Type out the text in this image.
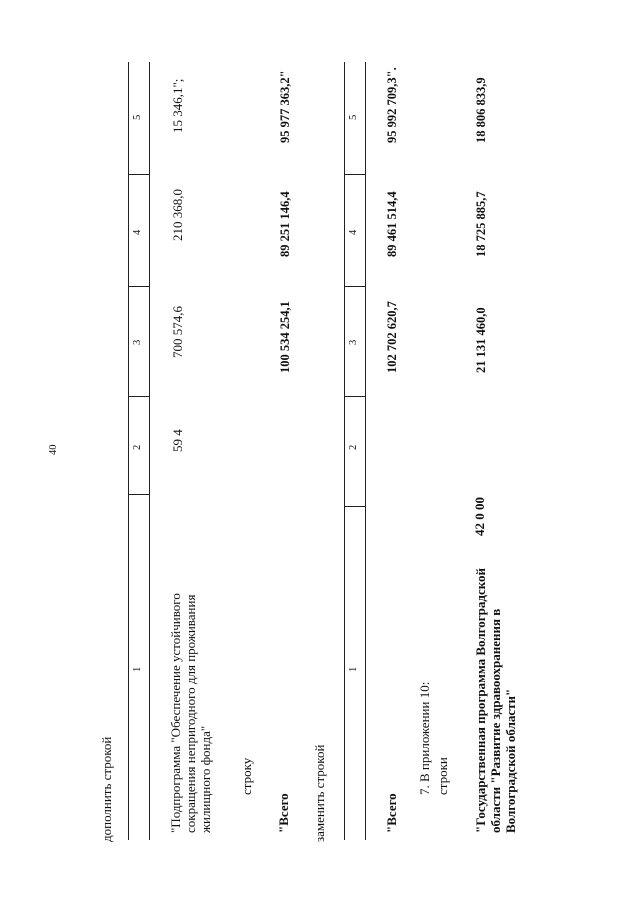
40
дополнить строкой
1
2
3
4
5
"Подпрограмма "Обеспечение устойчивого сокращения непригодного для проживания жилищного фонда"
59 4
700 574,6
210 368,0
15 346,1";
строку
"Всего
100 534 254,1
89 251 146,4
95 977 363,2"
заменить строкой
1
2
3
4
5
"Всего
102 702 620,7
89 461 514,4
95 992 709,3".
7. В приложении 10: строки "Государственная программа Волгоградской области "Развитие здравоохранения в Волгоградской области"
42 0 00
21 131 460,0
18 725 885,7
18 806 833,9
